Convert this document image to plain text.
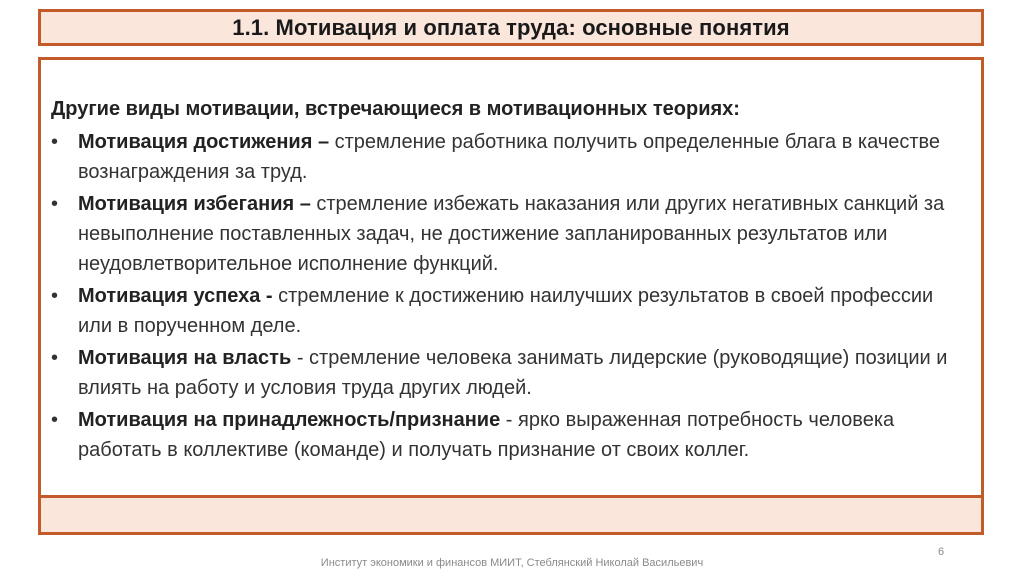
1.1. Мотивация и оплата труда: основные понятия
Другие виды мотивации, встречающиеся в мотивационных теориях:
• Мотивация достижения – стремление работника получить определенные блага в качестве вознаграждения за труд.
• Мотивация избегания – стремление избежать наказания или других негативных санкций за невыполнение поставленных задач, не достижение запланированных результатов или неудовлетворительное исполнение функций.
• Мотивация успеха - стремление к достижению наилучших результатов в своей профессии или в порученном деле.
• Мотивация на власть - стремление человека занимать лидерские (руководящие) позиции и влиять на работу и условия труда других людей.
• Мотивация на принадлежность/признание - ярко выраженная потребность человека работать в коллективе (команде) и получать признание от своих коллег.
6
Институт экономики и финансов МИИТ, Стеблянский Николай Васильевич
